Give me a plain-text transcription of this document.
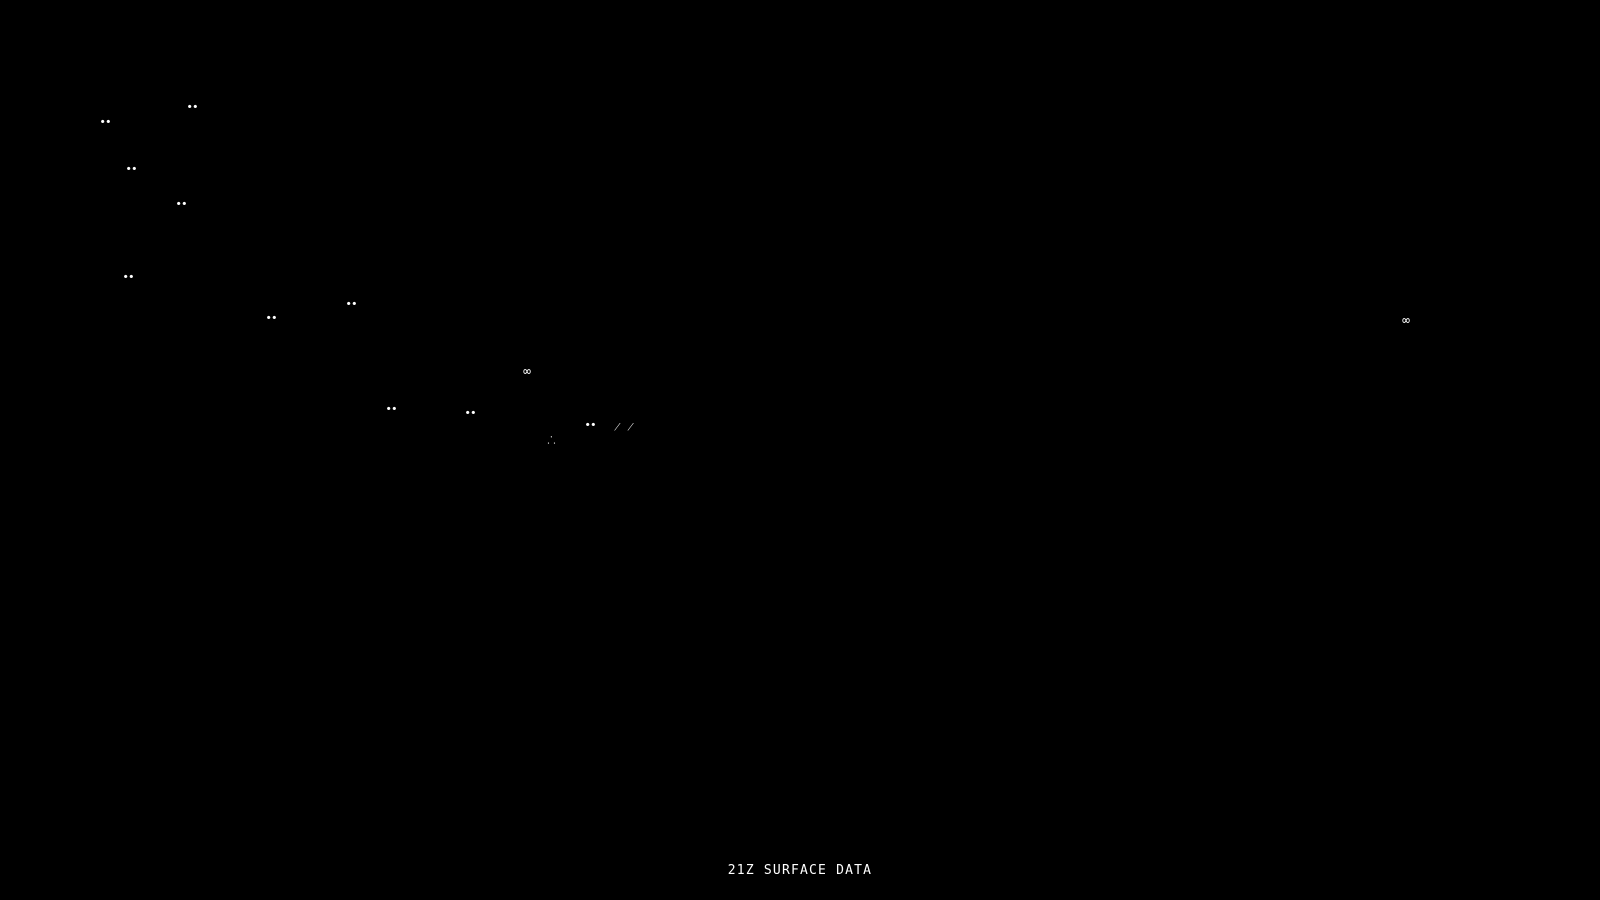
••
••
••
••
••
••
••
∞
••	••
••
⸫
⁄ ⁄
∞
21Z SURFACE DATA
